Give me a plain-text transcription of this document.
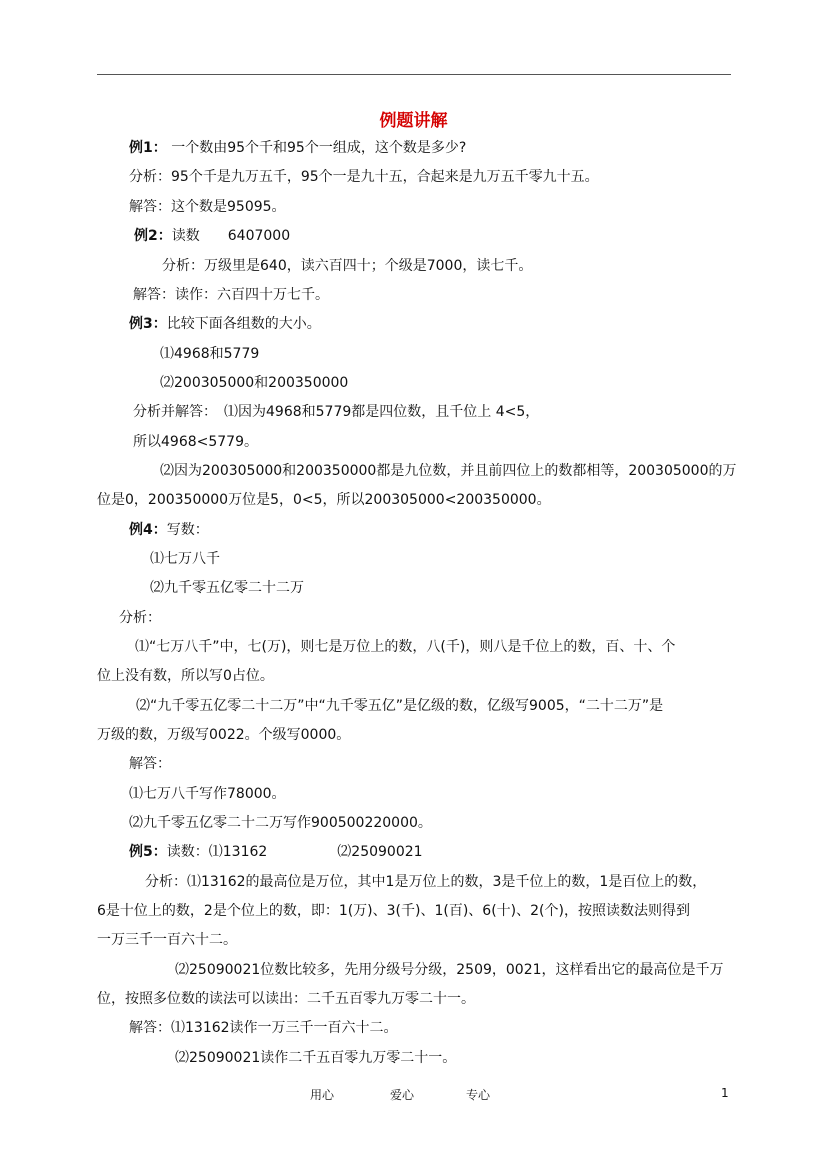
例题讲解
例1： 一个数由95个千和95个一组成，这个数是多少?
分析：95个千是九万五千，95个一是九十五，合起来是九万五千零九十五。
解答：这个数是95095。
例2：读数　　6407000
分析：万级里是640，读六百四十；个级是7000，读七千。
解答：读作：六百四十万七千。
例3：比较下面各组数的大小。
⑴4968和5779
⑵200305000和200350000
分析并解答：　⑴因为4968和5779都是四位数，且千位上 4<5，
所以4968<5779。
⑵因为200305000和200350000都是九位数，并且前四位上的数都相等，200305000的万
位是0，200350000万位是5，0<5，所以200305000<200350000。
例4：写数：
⑴七万八千
⑵九千零五亿零二十二万
分析：
⑴“七万八千”中，七(万)，则七是万位上的数，八(千)，则八是千位上的数，百、十、个
位上没有数，所以写0占位。
⑵“九千零五亿零二十二万”中“九千零五亿”是亿级的数，亿级写9005，“二十二万”是
万级的数，万级写0022。个级写0000。
解答：
⑴七万八千写作78000。
⑵九千零五亿零二十二万写作900500220000。
例5：读数：⑴13162　　　　　⑵25090021
分析：⑴13162的最高位是万位，其中1是万位上的数，3是千位上的数，1是百位上的数，
6是十位上的数，2是个位上的数，即：1(万)、3(千)、1(百)、6(十)、2(个)，按照读数法则得到
一万三千一百六十二。
⑵25090021位数比较多，先用分级号分级，2509，0021，这样看出它的最高位是千万
位，按照多位数的读法可以读出：二千五百零九万零二十一。
解答：⑴13162读作一万三千一百六十二。
⑵25090021读作二千五百零九万零二十一。
用心	爱心	专心	1
